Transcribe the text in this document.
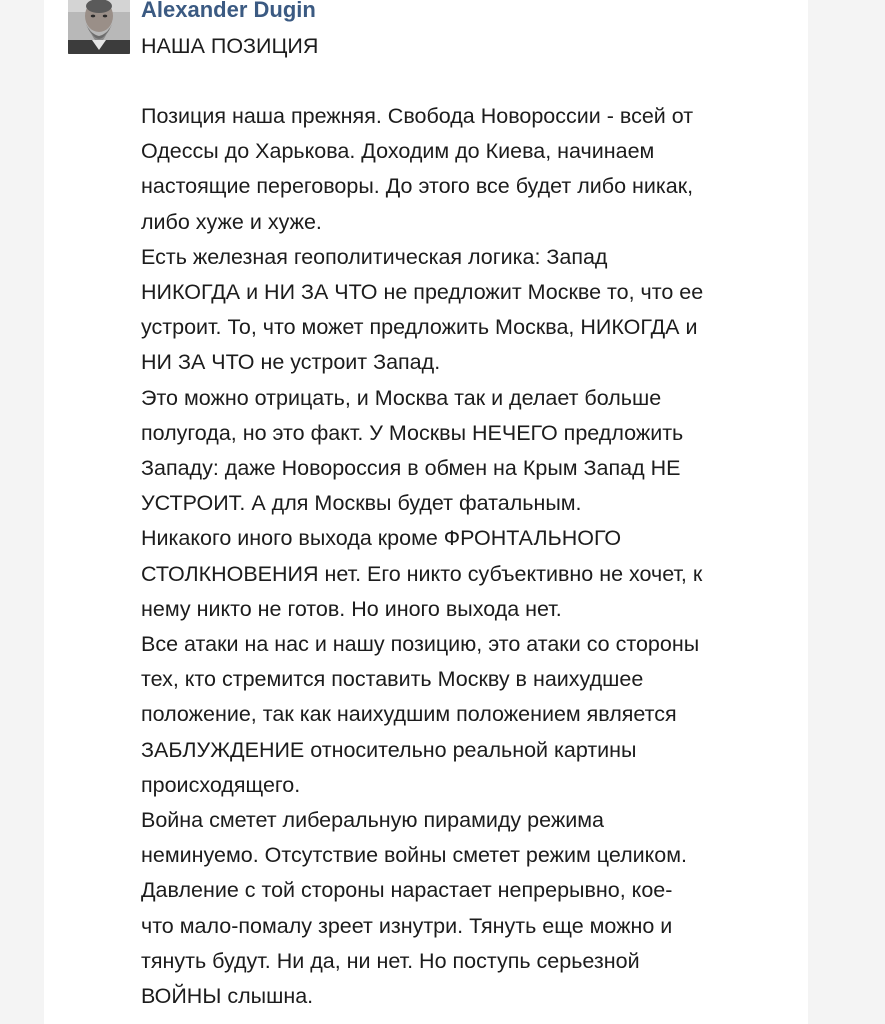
Alexander Dugin
НАША ПОЗИЦИЯ

Позиция наша прежняя. Свобода Новороссии - всей от

Одессы до Харькова. Доходим до Киева, начинаем

настоящие переговоры. До этого все будет либо никак,

либо хуже и хуже.

Есть железная геополитическая логика: Запад

НИКОГДА и НИ ЗА ЧТО не предложит Москве то, что ее

устроит. То, что может предложить Москва, НИКОГДА и

НИ ЗА ЧТО не устроит Запад.

Это можно отрицать, и Москва так и делает больше

полугода, но это факт. У Москвы НЕЧЕГО предложить

Западу: даже Новороссия в обмен на Крым Запад НЕ

УСТРОИТ. А для Москвы будет фатальным.

Никакого иного выхода кроме ФРОНТАЛЬНОГО

СТОЛКНОВЕНИЯ нет. Его никто субъективно не хочет, к

нему никто не готов. Но иного выхода нет.

Все атаки на нас и нашу позицию, это атаки со стороны

тех, кто стремится поставить Москву в наихудшее

положение, так как наихудшим положением является

ЗАБЛУЖДЕНИЕ относительно реальной картины

происходящего.

Война сметет либеральную пирамиду режима

неминуемо. Отсутствие войны сметет режим целиком.

Давление с той стороны нарастает непрерывно, кое-

что мало-помалу зреет изнутри. Тянуть еще можно и

тянуть будут. Ни да, ни нет. Но поступь серьезной

ВОЙНЫ слышна.
